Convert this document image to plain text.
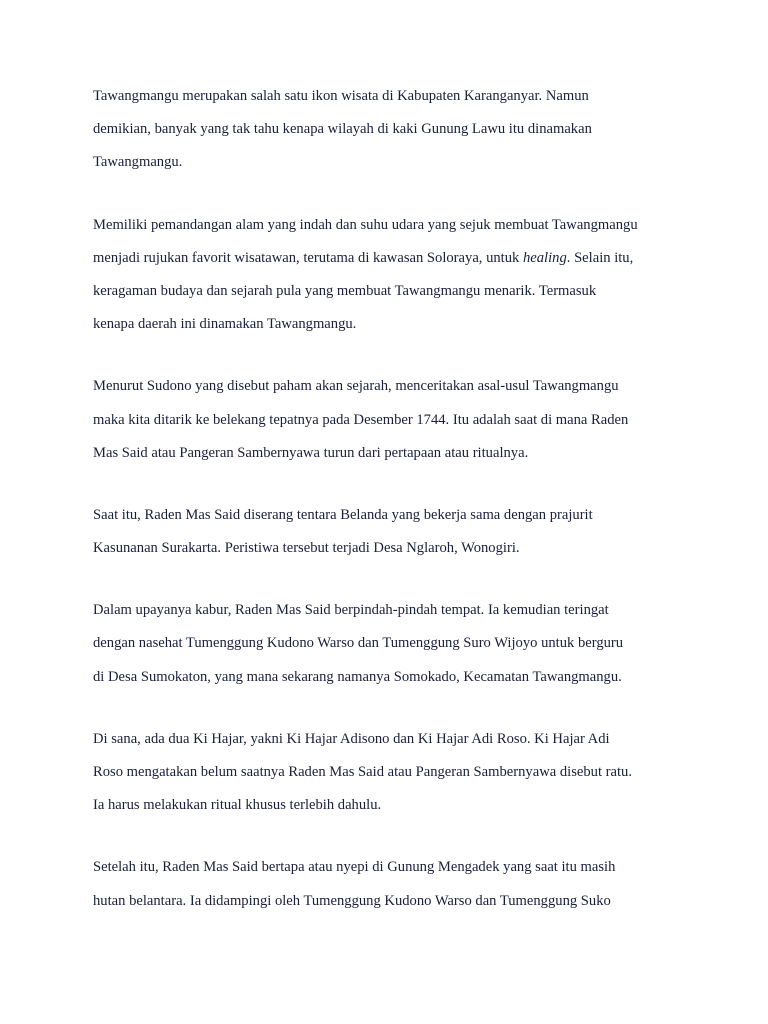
Tawangmangu merupakan salah satu ikon wisata di Kabupaten Karanganyar. Namun
demikian, banyak yang tak tahu kenapa wilayah di kaki Gunung Lawu itu dinamakan
Tawangmangu.
Memiliki pemandangan alam yang indah dan suhu udara yang sejuk membuat Tawangmangu
menjadi rujukan favorit wisatawan, terutama di kawasan Soloraya, untuk healing. Selain itu,
keragaman budaya dan sejarah pula yang membuat Tawangmangu menarik. Termasuk
kenapa daerah ini dinamakan Tawangmangu.
Menurut Sudono yang disebut paham akan sejarah, menceritakan asal-usul Tawangmangu
maka kita ditarik ke belekang tepatnya pada Desember 1744. Itu adalah saat di mana Raden
Mas Said atau Pangeran Sambernyawa turun dari pertapaan atau ritualnya.
Saat itu, Raden Mas Said diserang tentara Belanda yang bekerja sama dengan prajurit
Kasunanan Surakarta. Peristiwa tersebut terjadi Desa Nglaroh, Wonogiri.
Dalam upayanya kabur, Raden Mas Said berpindah-pindah tempat. Ia kemudian teringat
dengan nasehat Tumenggung Kudono Warso dan Tumenggung Suro Wijoyo untuk berguru
di Desa Sumokaton, yang mana sekarang namanya Somokado, Kecamatan Tawangmangu.
Di sana, ada dua Ki Hajar, yakni Ki Hajar Adisono dan Ki Hajar Adi Roso. Ki Hajar Adi
Roso mengatakan belum saatnya Raden Mas Said atau Pangeran Sambernyawa disebut ratu.
Ia harus melakukan ritual khusus terlebih dahulu.
Setelah itu, Raden Mas Said bertapa atau nyepi di Gunung Mengadek yang saat itu masih
hutan belantara. Ia didampingi oleh Tumenggung Kudono Warso dan Tumenggung Suko
